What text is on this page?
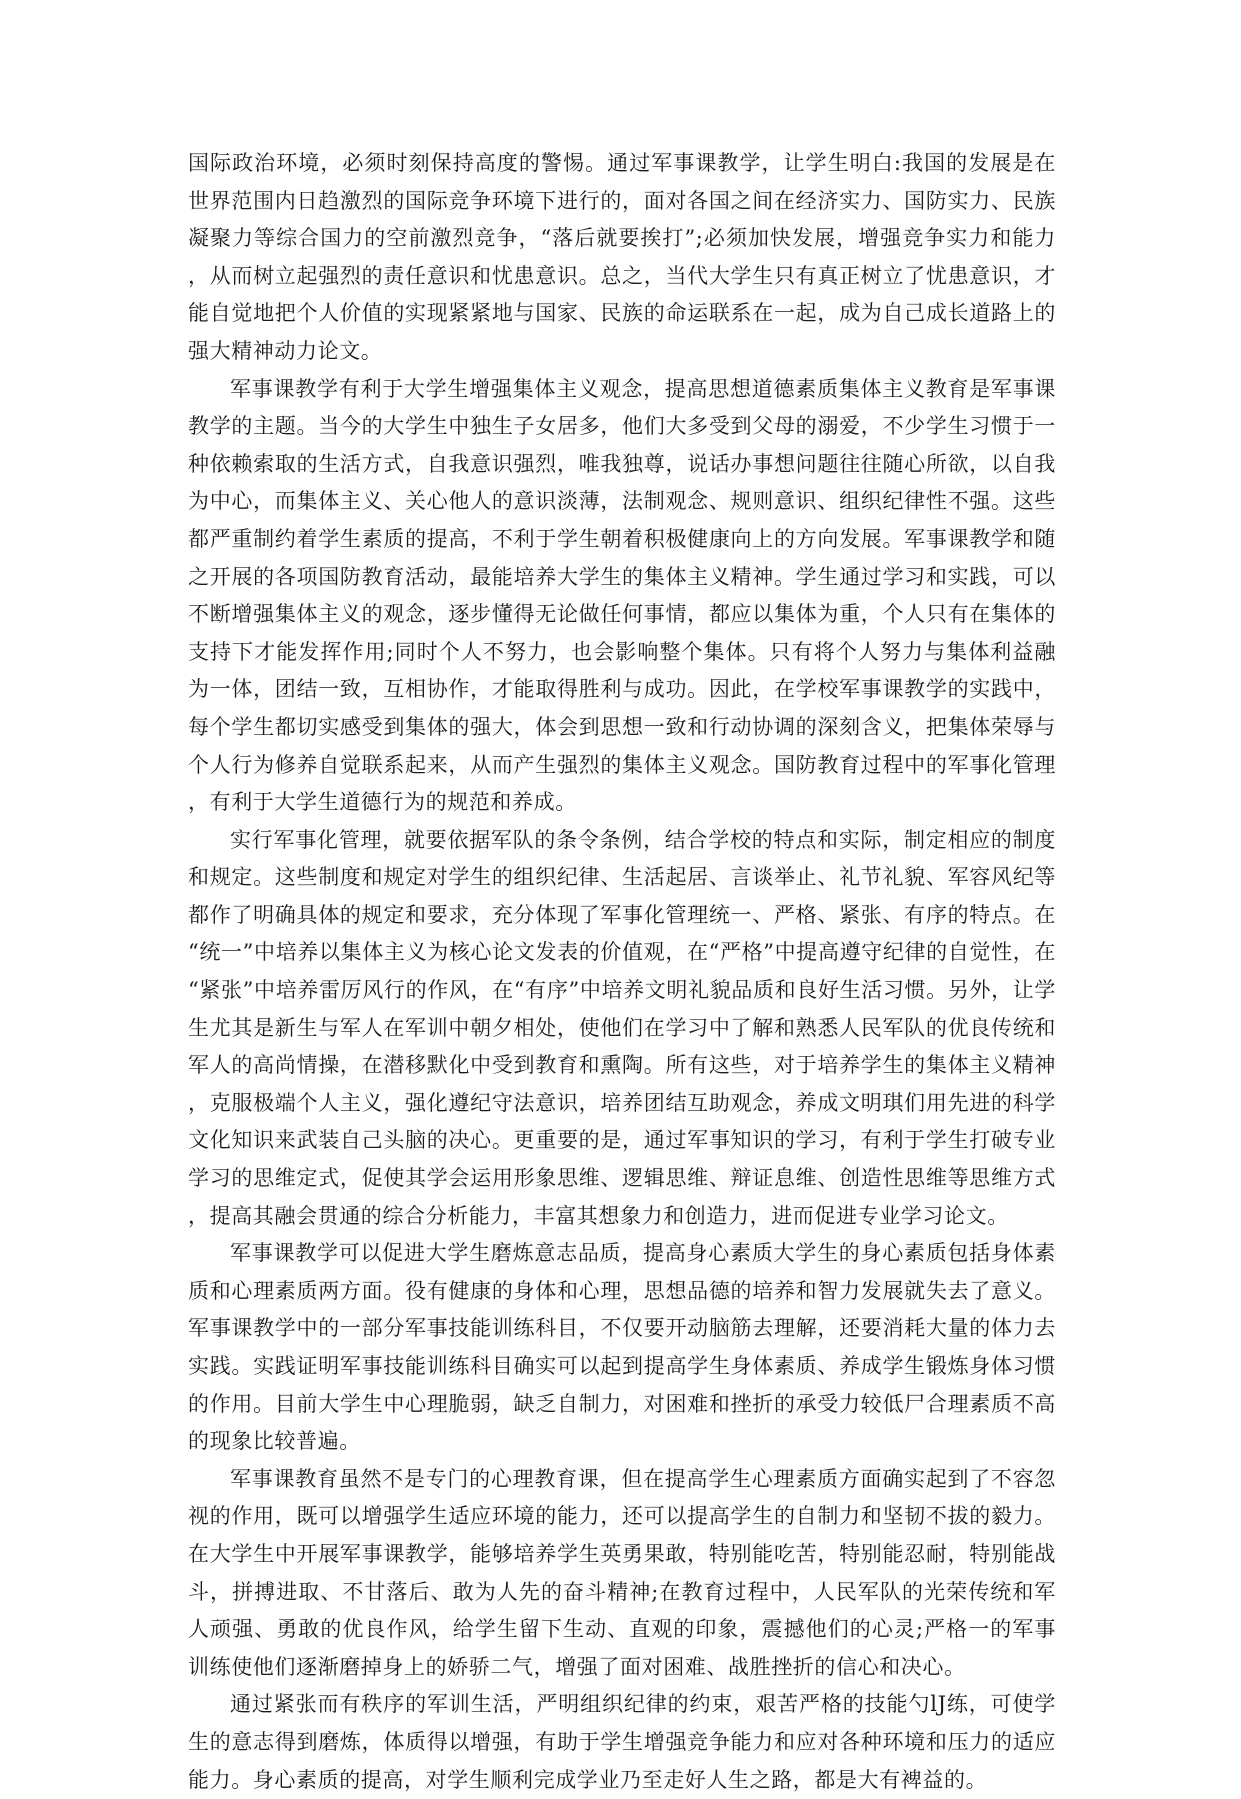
国际政治环境，必须时刻保持高度的警惕。通过军事课教学，让学生明白:我国的发展是在世界范围内日趋激烈的国际竞争环境下进行的，面对各国之间在经济实力、国防实力、民族凝聚力等综合国力的空前激烈竞争，“落后就要挨打”;必须加快发展，增强竞争实力和能力，从而树立起强烈的责任意识和忧患意识。总之，当代大学生只有真正树立了忧患意识，才能自觉地把个人价值的实现紧紧地与国家、民族的命运联系在一起，成为自己成长道路上的强大精神动力论文。

军事课教学有利于大学生增强集体主义观念，提高思想道德素质集体主义教育是军事课教学的主题。当今的大学生中独生子女居多，他们大多受到父母的溺爱，不少学生习惯于一种依赖索取的生活方式，自我意识强烈，唯我独尊，说话办事想问题往往随心所欲，以自我为中心，而集体主义、关心他人的意识淡薄，法制观念、规则意识、组织纪律性不强。这些都严重制约着学生素质的提高，不利于学生朝着积极健康向上的方向发展。军事课教学和随之开展的各项国防教育活动，最能培养大学生的集体主义精神。学生通过学习和实践，可以不断增强集体主义的观念，逐步懂得无论做任何事情，都应以集体为重，个人只有在集体的支持下才能发挥作用;同时个人不努力，也会影响整个集体。只有将个人努力与集体利益融为一体，团结一致，互相协作，才能取得胜利与成功。因此，在学校军事课教学的实践中，每个学生都切实感受到集体的强大，体会到思想一致和行动协调的深刻含义，把集体荣辱与个人行为修养自觉联系起来，从而产生强烈的集体主义观念。国防教育过程中的军事化管理，有利于大学生道德行为的规范和养成。

实行军事化管理，就要依据军队的条令条例，结合学校的特点和实际，制定相应的制度和规定。这些制度和规定对学生的组织纪律、生活起居、言谈举止、礼节礼貌、军容风纪等都作了明确具体的规定和要求，充分体现了军事化管理统一、严格、紧张、有序的特点。在“统一”中培养以集体主义为核心论文发表的价值观，在“严格”中提高遵守纪律的自觉性，在“紧张”中培养雷厉风行的作风，在“有序”中培养文明礼貌品质和良好生活习惯。另外，让学生尤其是新生与军人在军训中朝夕相处，使他们在学习中了解和熟悉人民军队的优良传统和军人的高尚情操，在潜移默化中受到教育和熏陶。所有这些，对于培养学生的集体主义精神，克服极端个人主义，强化遵纪守法意识，培养团结互助观念，养成文明琪们用先进的科学文化知识来武装自己头脑的决心。更重要的是，通过军事知识的学习，有利于学生打破专业学习的思维定式，促使其学会运用形象思维、逻辑思维、辩证息维、创造性思维等思维方式，提高其融会贯通的综合分析能力，丰富其想象力和创造力，进而促进专业学习论文。

军事课教学可以促进大学生磨炼意志品质，提高身心素质大学生的身心素质包括身体素质和心理素质两方面。役有健康的身体和心理，思想品德的培养和智力发展就失去了意义。军事课教学中的一部分军事技能训练科目，不仅要开动脑筋去理解，还要消耗大量的体力去实践。实践证明军事技能训练科目确实可以起到提高学生身体素质、养成学生锻炼身体习惯的作用。目前大学生中心理脆弱，缺乏自制力，对困难和挫折的承受力较低尸合理素质不高的现象比较普遍。

军事课教育虽然不是专门的心理教育课，但在提高学生心理素质方面确实起到了不容忽视的作用，既可以增强学生适应环境的能力，还可以提高学生的自制力和坚韧不拔的毅力。在大学生中开展军事课教学，能够培养学生英勇果敢，特别能吃苦，特别能忍耐，特别能战斗，拼搏进取、不甘落后、敢为人先的奋斗精神;在教育过程中，人民军队的光荣传统和军人顽强、勇敢的优良作风，给学生留下生动、直观的印象，震撼他们的心灵;严格一的军事训练使他们逐渐磨掉身上的娇骄二气，增强了面对困难、战胜挫折的信心和决心。

通过紧张而有秩序的军训生活，严明组织纪律的约束，艰苦严格的技能勺lJ练，可使学生的意志得到磨炼，体质得以增强，有助于学生增强竞争能力和应对各种环境和压力的适应能力。身心素质的提高，对学生顺利完成学业乃至走好人生之路，都是大有裨益的。
